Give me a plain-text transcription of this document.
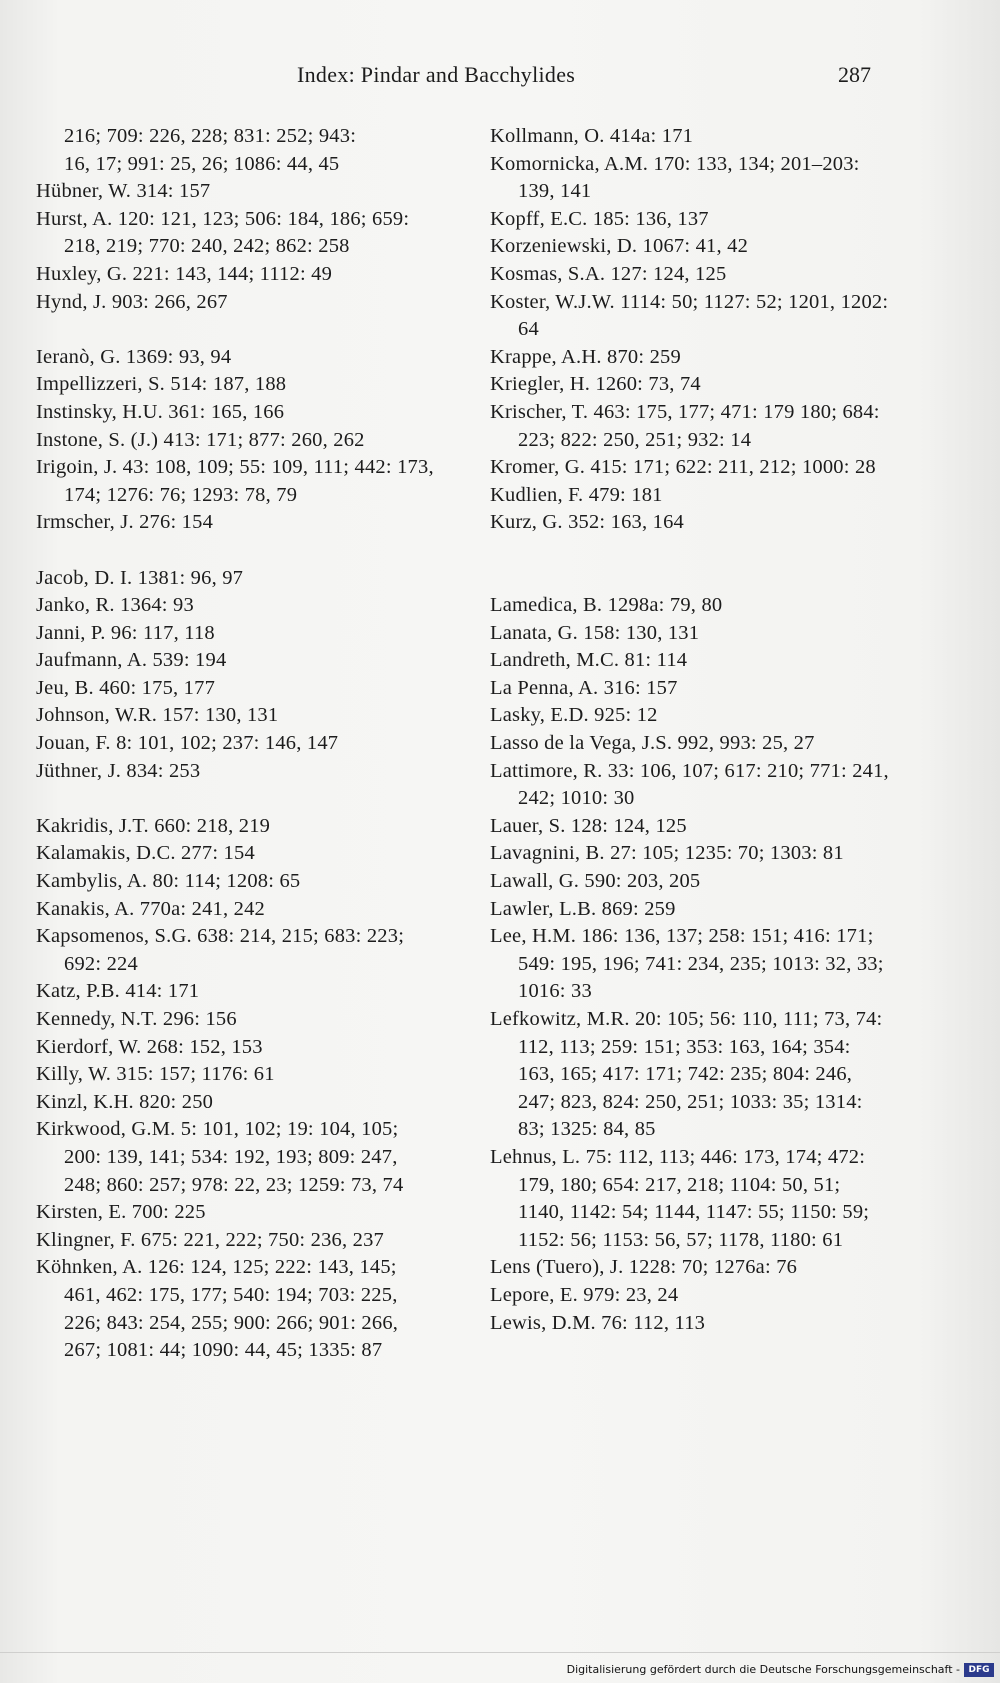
Index: Pindar and Bacchylides	287

216; 709: 226, 228; 831: 252; 943:

16, 17; 991: 25, 26; 1086: 44, 45

Hübner, W. 314: 157

Hurst, A. 120: 121, 123; 506: 184, 186; 659: 218, 219; 770: 240, 242; 862: 258

Huxley, G. 221: 143, 144; 1112: 49

Hynd, J. 903: 266, 267

Ieranò, G. 1369: 93, 94

Impellizzeri, S. 514: 187, 188

Instinsky, H.U. 361: 165, 166

Instone, S. (J.) 413: 171; 877: 260, 262

Irigoin, J. 43: 108, 109; 55: 109, 111; 442: 173, 174; 1276: 76; 1293: 78, 79

Irmscher, J. 276: 154

Jacob, D. I. 1381: 96, 97

Janko, R. 1364: 93

Janni, P. 96: 117, 118

Jaufmann, A. 539: 194

Jeu, B. 460: 175, 177

Johnson, W.R. 157: 130, 131

Jouan, F. 8: 101, 102; 237: 146, 147

Jüthner, J. 834: 253

Kakridis, J.T. 660: 218, 219

Kalamakis, D.C. 277: 154

Kambylis, A. 80: 114; 1208: 65

Kanakis, A. 770a: 241, 242

Kapsomenos, S.G. 638: 214, 215; 683: 223; 692: 224

Katz, P.B. 414: 171

Kennedy, N.T. 296: 156

Kierdorf, W. 268: 152, 153

Killy, W. 315: 157; 1176: 61

Kinzl, K.H. 820: 250

Kirkwood, G.M. 5: 101, 102; 19: 104, 105; 200: 139, 141; 534: 192, 193; 809: 247, 248; 860: 257; 978: 22, 23; 1259: 73, 74

Kirsten, E. 700: 225

Klingner, F. 675: 221, 222; 750: 236, 237

Köhnken, A. 126: 124, 125; 222: 143, 145; 461, 462: 175, 177; 540: 194; 703: 225, 226; 843: 254, 255; 900: 266; 901: 266, 267; 1081: 44; 1090: 44, 45; 1335: 87

Kollmann, O. 414a: 171

Komornicka, A.M. 170: 133, 134; 201–203: 139, 141

Kopff, E.C. 185: 136, 137

Korzeniewski, D. 1067: 41, 42

Kosmas, S.A. 127: 124, 125

Koster, W.J.W. 1114: 50; 1127: 52; 1201, 1202: 64

Krappe, A.H. 870: 259

Kriegler, H. 1260: 73, 74

Krischer, T. 463: 175, 177; 471: 179 180; 684: 223; 822: 250, 251; 932: 14

Kromer, G. 415: 171; 622: 211, 212; 1000: 28

Kudlien, F. 479: 181

Kurz, G. 352: 163, 164

Lamedica, B. 1298a: 79, 80

Lanata, G. 158: 130, 131

Landreth, M.C. 81: 114

La Penna, A. 316: 157

Lasky, E.D. 925: 12

Lasso de la Vega, J.S. 992, 993: 25, 27

Lattimore, R. 33: 106, 107; 617: 210; 771: 241, 242; 1010: 30

Lauer, S. 128: 124, 125

Lavagnini, B. 27: 105; 1235: 70; 1303: 81

Lawall, G. 590: 203, 205

Lawler, L.B. 869: 259

Lee, H.M. 186: 136, 137; 258: 151; 416: 171; 549: 195, 196; 741: 234, 235; 1013: 32, 33; 1016: 33

Lefkowitz, M.R. 20: 105; 56: 110, 111; 73, 74: 112, 113; 259: 151; 353: 163, 164; 354: 163, 165; 417: 171; 742: 235; 804: 246, 247; 823, 824: 250, 251; 1033: 35; 1314: 83; 1325: 84, 85

Lehnus, L. 75: 112, 113; 446: 173, 174; 472: 179, 180; 654: 217, 218; 1104: 50, 51; 1140, 1142: 54; 1144, 1147: 55; 1150: 59; 1152: 56; 1153: 56, 57; 1178, 1180: 61

Lens (Tuero), J. 1228: 70; 1276a: 76

Lepore, E. 979: 23, 24

Lewis, D.M. 76: 112, 113

Digitalisierung gefördert durch die Deutsche Forschungsgemeinschaft - DFG
